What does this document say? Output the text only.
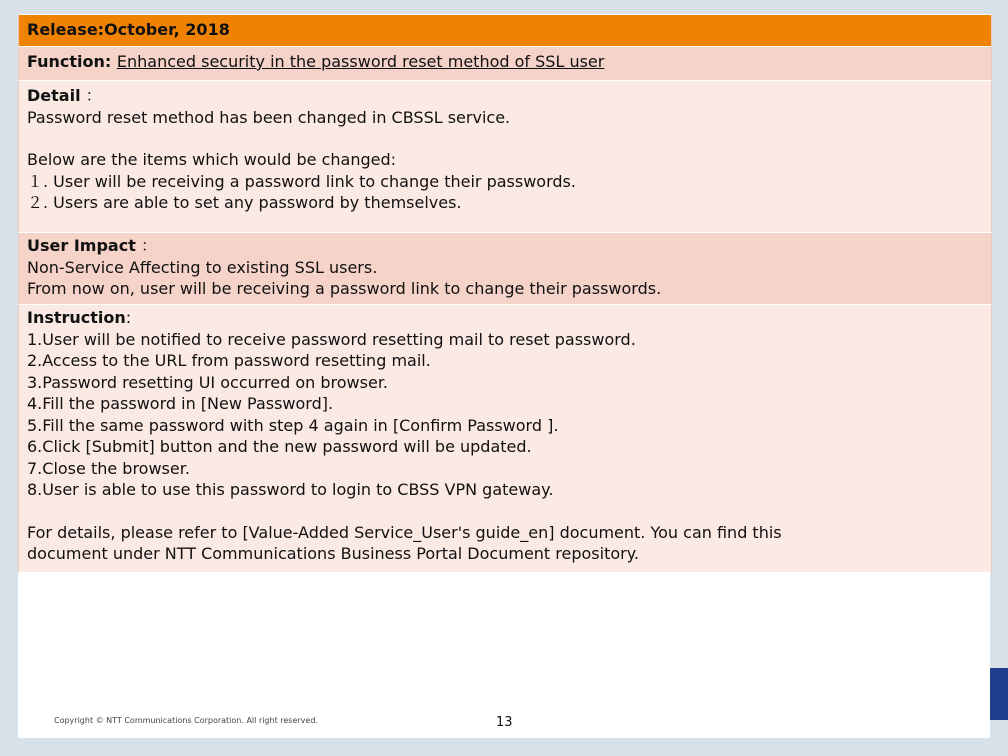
Release:October, 2018
Function: Enhanced security in the password reset method of SSL user
Detail ：
Password reset method has been changed in CBSSL service.
Below are the items which would be changed:
１. User will be receiving a password link to change their passwords.
２. Users are able to set any password by themselves.
User Impact ：
Non-Service Affecting to existing SSL users.
From now on, user will be receiving a password link to change their passwords.
Instruction:
1.User will be notified to receive password resetting mail to reset password.
2.Access to the URL from password resetting mail.
3.Password resetting UI occurred on browser.
4.Fill the password in [New Password].
5.Fill the same password with step 4 again in [Confirm Password ].
6.Click [Submit] button and the new password will be updated.
7.Close the browser.
8.User is able to use this password to login to CBSS VPN gateway.
For details, please refer to [Value-Added Service_User's guide_en] document. You can find this
document under NTT Communications Business Portal Document repository.
Copyright © NTT Communications Corporation. All right reserved.	13
